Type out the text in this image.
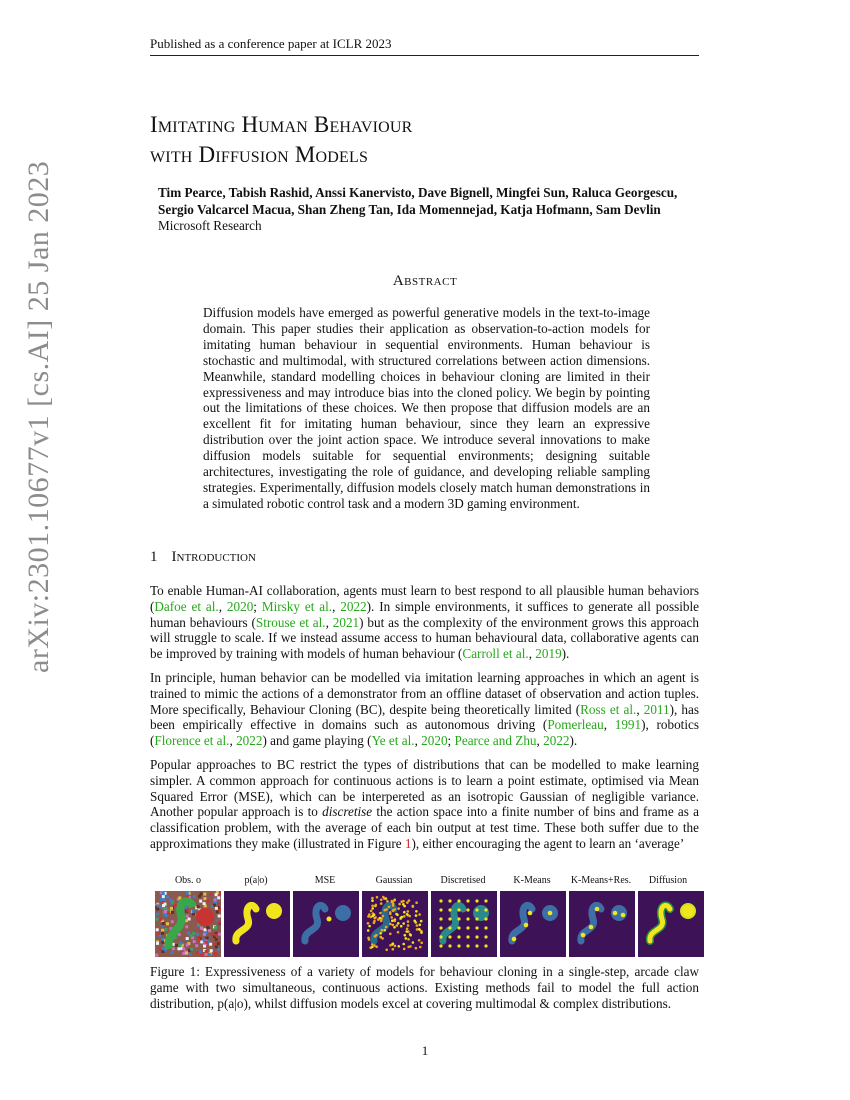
Published as a conference paper at ICLR 2023
Imitating Human Behaviour
with Diffusion Models
Tim Pearce, Tabish Rashid, Anssi Kanervisto, Dave Bignell, Mingfei Sun, Raluca Georgescu,
Sergio Valcarcel Macua, Shan Zheng Tan, Ida Momennejad, Katja Hofmann, Sam Devlin
Microsoft Research
Abstract
Diffusion models have emerged as powerful generative models in the text-to-image domain. This paper studies their application as observation-to-action models for imitating human behaviour in sequential environments. Human behaviour is stochastic and multimodal, with structured correlations between action dimensions. Meanwhile, standard modelling choices in behaviour cloning are limited in their expressiveness and may introduce bias into the cloned policy. We begin by pointing out the limitations of these choices. We then propose that diffusion models are an excellent fit for imitating human behaviour, since they learn an expressive distribution over the joint action space. We introduce several innovations to make diffusion models suitable for sequential environments; designing suitable architectures, investigating the role of guidance, and developing reliable sampling strategies. Experimentally, diffusion models closely match human demonstrations in a simulated robotic control task and a modern 3D gaming environment.
1 Introduction
To enable Human-AI collaboration, agents must learn to best respond to all plausible human behaviors (Dafoe et al., 2020; Mirsky et al., 2022). In simple environments, it suffices to generate all possible human behaviours (Strouse et al., 2021) but as the complexity of the environment grows this approach will struggle to scale. If we instead assume access to human behavioural data, collaborative agents can be improved by training with models of human behaviour (Carroll et al., 2019).
In principle, human behavior can be modelled via imitation learning approaches in which an agent is trained to mimic the actions of a demonstrator from an offline dataset of observation and action tuples. More specifically, Behaviour Cloning (BC), despite being theoretically limited (Ross et al., 2011), has been empirically effective in domains such as autonomous driving (Pomerleau, 1991), robotics (Florence et al., 2022) and game playing (Ye et al., 2020; Pearce and Zhu, 2022).
Popular approaches to BC restrict the types of distributions that can be modelled to make learning simpler. A common approach for continuous actions is to learn a point estimate, optimised via Mean Squared Error (MSE), which can be interpereted as an isotropic Gaussian of negligible variance. Another popular approach is to discretise the action space into a finite number of bins and frame as a classification problem, with the average of each bin output at test time. These both suffer due to the approximations they make (illustrated in Figure 1), either encouraging the agent to learn an ‘average’
Obs. o	p(a|o)	MSE	Gaussian	Discretised	K-Means	K-Means+Res.	Diffusion
Figure 1: Expressiveness of a variety of models for behaviour cloning in a single-step, arcade claw game with two simultaneous, continuous actions. Existing methods fail to model the full action distribution, p(a|o), whilst diffusion models excel at covering multimodal & complex distributions.
1
arXiv:2301.10677v1 [cs.AI] 25 Jan 2023
